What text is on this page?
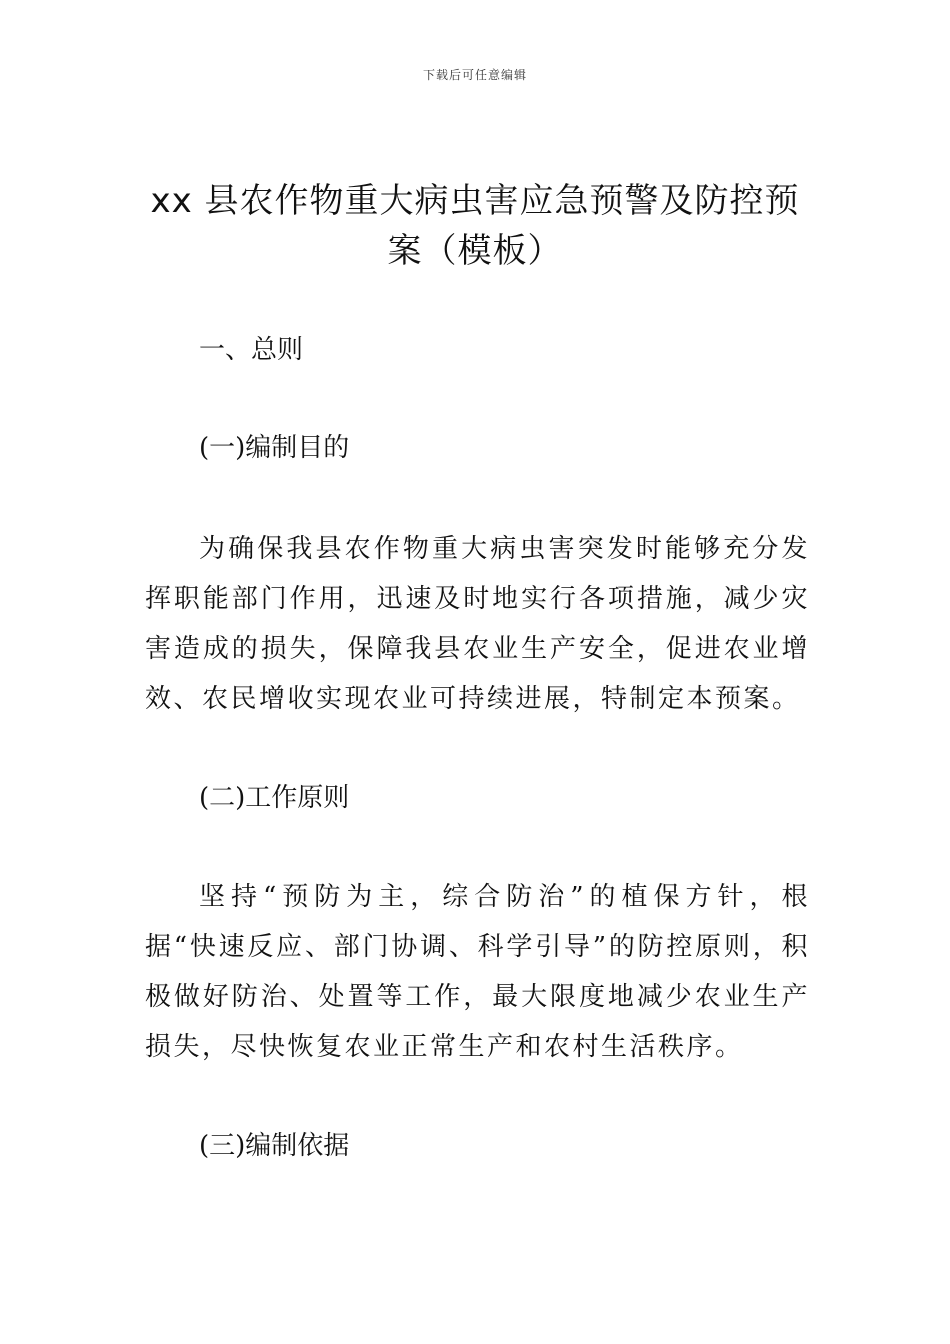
下载后可任意编辑
xx 县农作物重大病虫害应急预警及防控预
案（模板）
一、总则
(一)编制目的
为确保我县农作物重大病虫害突发时能够充分发挥职能部门作用，迅速及时地实行各项措施，减少灾害造成的损失，保障我县农业生产安全，促进农业增效、农民增收实现农业可持续进展，特制定本预案。
(二)工作原则
坚持“预防为主，综合防治”的植保方针，根据“快速反应、部门协调、科学引导”的防控原则，积极做好防治、处置等工作，最大限度地减少农业生产损失，尽快恢复农业正常生产和农村生活秩序。
(三)编制依据
